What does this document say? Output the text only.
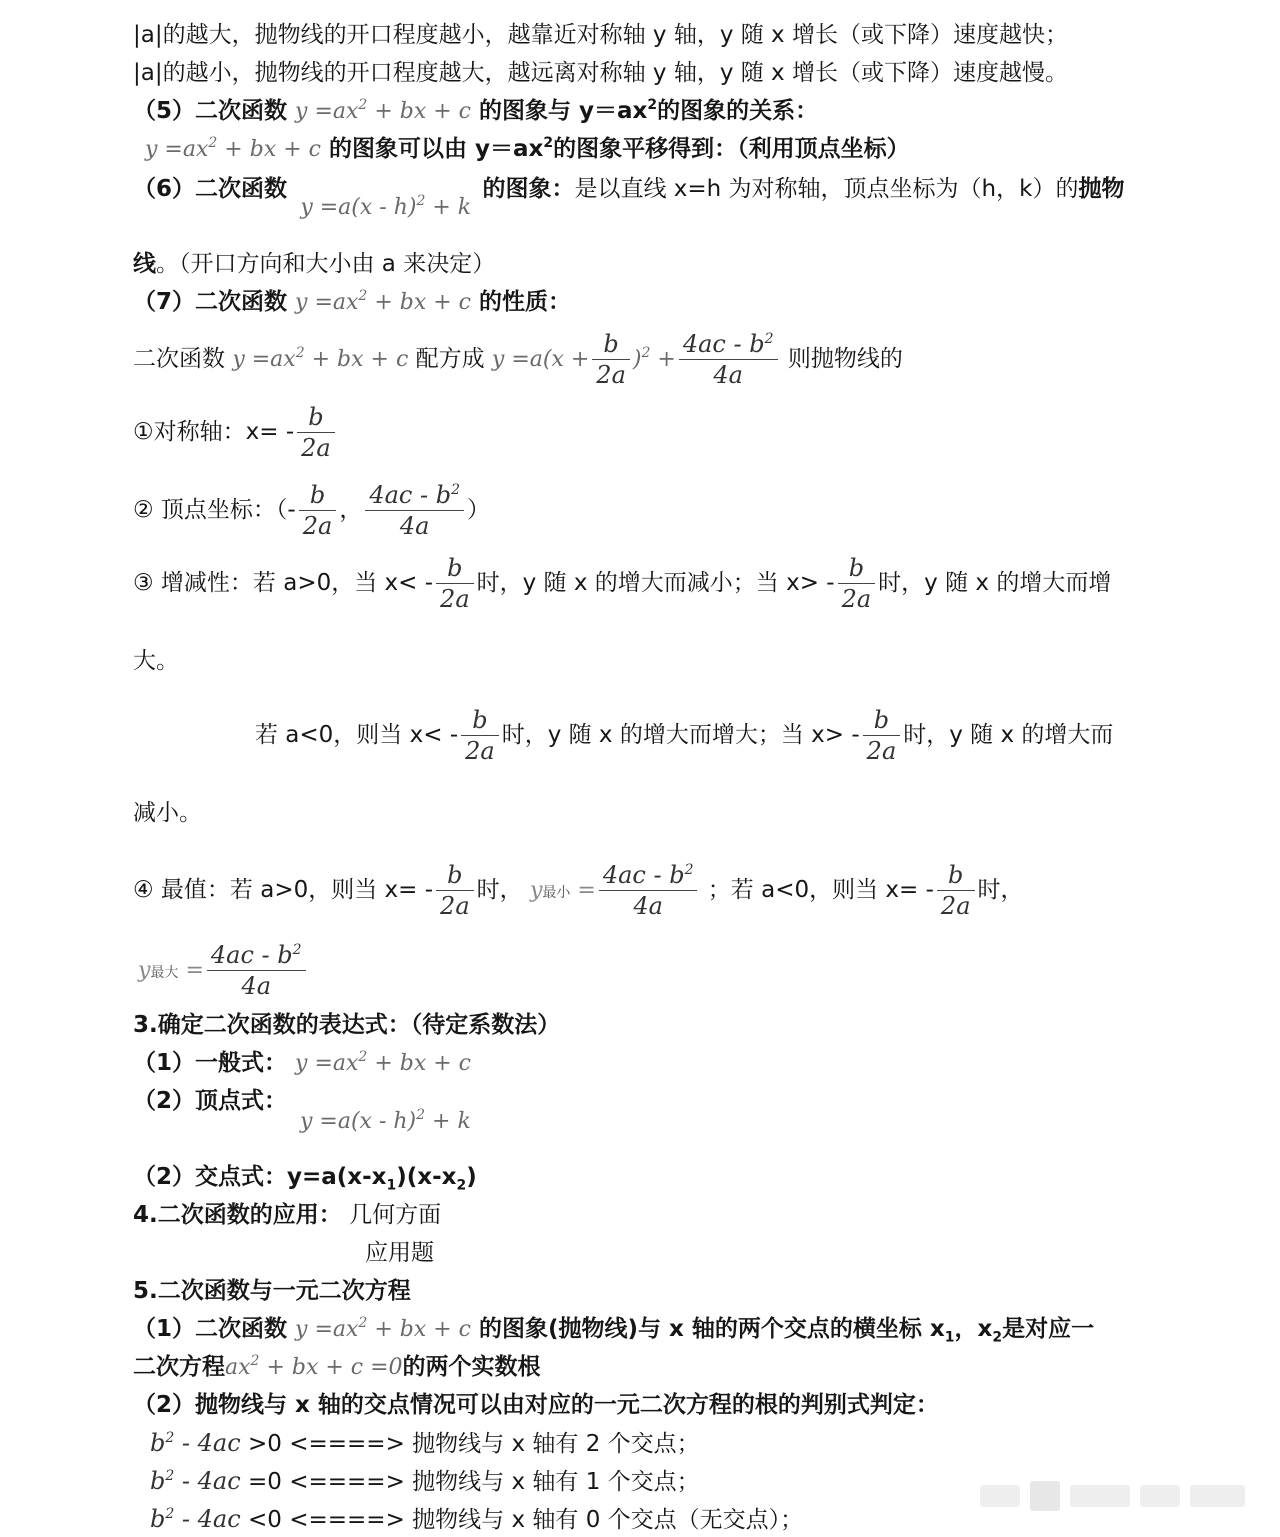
|a|的越大，抛物线的开口程度越小，越靠近对称轴 y 轴，y 随 x 增长（或下降）速度越快；
|a|的越小，抛物线的开口程度越大，越远离对称轴 y 轴，y 随 x 增长（或下降）速度越慢。
（5）二次函数 $y =ax^2$ + bx + c 的图象与 $y=ax^2$的图象的关系：
$y =ax^2$ + bx + c 的图象可以由 $y=ax^2$的图象平移得到：（利用顶点坐标）
（6）二次函数 y =a(x - h)$^2$ + k 的图象：是以直线 x=h 为对称轴，顶点坐标为（h，k）的抛物
线。（开口方向和大小由 a 来决定）
（7）二次函数 $y =ax^2$ + bx + c 的性质：
二次函数 $y =ax^2$ + bx + c 配方成 $y =a(x + \frac{b}{2a} )^2 + \frac{4ac - b^2}{4a}$ 则抛物线的
①对称轴：$x= - \frac{b}{2a}$
② 顶点坐标：（- $\frac{b}{2a}$ ， $\frac{4ac - b^2}{4a}$ ）
③ 增减性：若 a>0，当 $x< - \frac{b}{2a}$ 时，y 随 x 的增大而减小；当 $x> - \frac{b}{2a}$ 时，y 随 x 的增大而增
大。
若 a<0，则当 $x< - \frac{b}{2a}$ 时，y 随 x 的增大而增大；当 $x> - \frac{b}{2a}$ 时，y 随 x 的增大而
减小。
④ 最值：若 a>0，则当 $x= - \frac{b}{2a}$ 时， y最小 = $\frac{4ac - b^2}{4a}$ ；若 a<0，则当 $x= - \frac{b}{2a}$ 时，
y最大 = $\frac{4ac - b^2}{4a}$
3.确定二次函数的表达式：（待定系数法）
（1）一般式： $y =ax^2$ + bx + c
（2）顶点式：
y =a(x - h)$^2$ + k
（2）交点式：$y=a(x-x_1)(x-x_2)$
4.二次函数的应用： 几何方面
应用题
5.二次函数与一元二次方程
（1）二次函数 $y =ax^2$ + bx + c 的图象(抛物线)与 x 轴的两个交点的横坐标 $x_1$，$x_2$是对应一
二次方程$ax^2$ + bx + c =0的两个实数根
（2）抛物线与 x 轴的交点情况可以由对应的一元二次方程的根的判别式判定：
$b^2 - 4ac >0$ <====> 抛物线与 x 轴有 2 个交点；
$b^2 - 4ac =0$ <====> 抛物线与 x 轴有 1 个交点；
$b^2 - 4ac <0$ <====> 抛物线与 x 轴有 0 个交点（无交点）；
